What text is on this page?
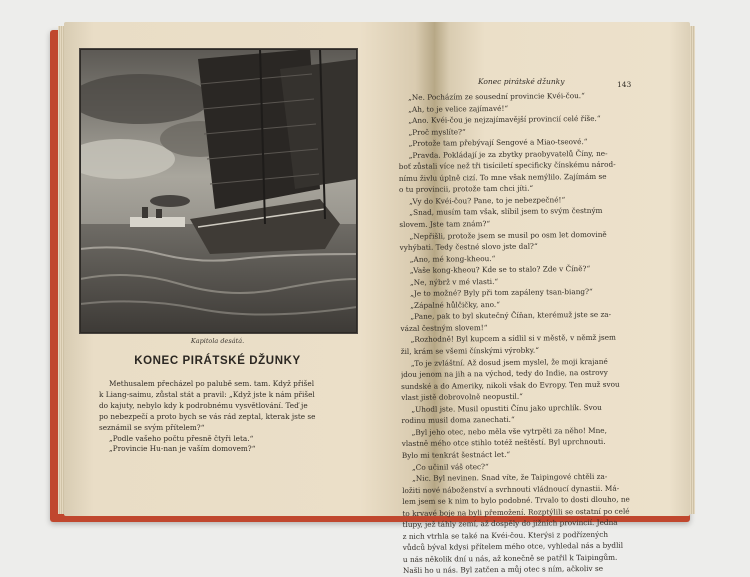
Kapitola desátá.
KONEC PIRÁTSKÉ DŽUNKY
Methusalem přecházel po palubě sem. tam. Když přišel
k Liang-saimu, zůstal stát a pravil: „Když jste k nám přišel
do kajuty, nebylo kdy k podrobnému vysvětlování. Teď je
po nebezpečí a proto bych se vás rád zeptal, kterak jste se
seznámil se svým přítelem?“
„Podle vašeho počtu přesně čtyři leta.“
„Provincie Hu-nan je vaším domovem?“
Konec pirátské džunky	143
„Ne. Pocházím ze sousední provincie Kvéi-čou.“
„Ah, to je velice zajímavé!“
„Ano. Kvéi-čou je nejzajímavější provincií celé říše.“
„Proč myslíte?“
„Protože tam přebývají Sengové a Miao-tseové.“
„Pravda. Pokládají je za zbytky praobyvatelů Číny, ne-
boť zůstali více než tři tisíciletí specificky čínskému národ-
nímu živlu úplně cizí. To mne však nemýlilo. Zajímám se
o tu provincii, protože tam chci jíti.“
„Vy do Kvéi-čou? Pane, to je nebezpečné!“
„Snad, musím tam však, slíbil jsem to svým čestným
slovem. Jste tam znám?“
„Nepřišli, protože jsem se musil po osm let domovině
vyhýbati. Tedy čestné slovo jste dal?“
„Ano, mé kong-kheou.“
„Vaše kong-kheou? Kde se to stalo? Zde v Číně?“
„Ne, nýbrž v mé vlasti.“
„Je to možné? Byly při tom zapáleny tsan-biang?“
„Zápalné hůlčičky, ano.“
„Pane, pak to byl skutečný Číňan, kterémuž jste se za-
vázal čestným slovem!“
„Rozhodně! Byl kupcem a sídlil si v městě, v němž jsem
žil, krám se všemi čínskými výrobky.“
„To je zvláštní. Až dosud jsem myslel, že moji krajané
jdou jenom na jih a na východ, tedy do Indie, na ostrovy
sundské a do Ameriky, nikoli však do Evropy. Ten muž svou
vlast jistě dobrovolně neopustil.“
„Uhodl jste. Musil opustiti Čínu jako uprchlík. Svou
rodinu musil doma zanechati.“
„Byl jeho otec, nebo měla vše vytrpěti za něho! Mne,
vlastně mého otce stihlo totéž neštěstí. Byl uprchnouti.
Bylo mi tenkrát šestnáct let.“
„Co učinil váš otec?“
„Nic. Byl nevinen. Snad víte, že Taipingové chtěli za-
ložiti nové náboženství a svrhnouti vládnoucí dynastii. Má-
lem jsem se k nim to bylo podobné. Trvalo to dosti dlouho, ne
to krvavé boje na byli přemožení. Rozptýlili se ostatní po celé
tlupy, jež táhly zemí, až dospěly do jižních provincií. Jedna
z nich vtrhla se také na Kvéi-čou. Kterýsi z podřízených
vůdců býval kdysi přítelem mého otce, vyhledal nás a bydlil
u nás několik dní u nás, až konečně se patřil k Taipingům.
Našli ho u nás. Byl zatčen a můj otec s ním, ačkoliv se
